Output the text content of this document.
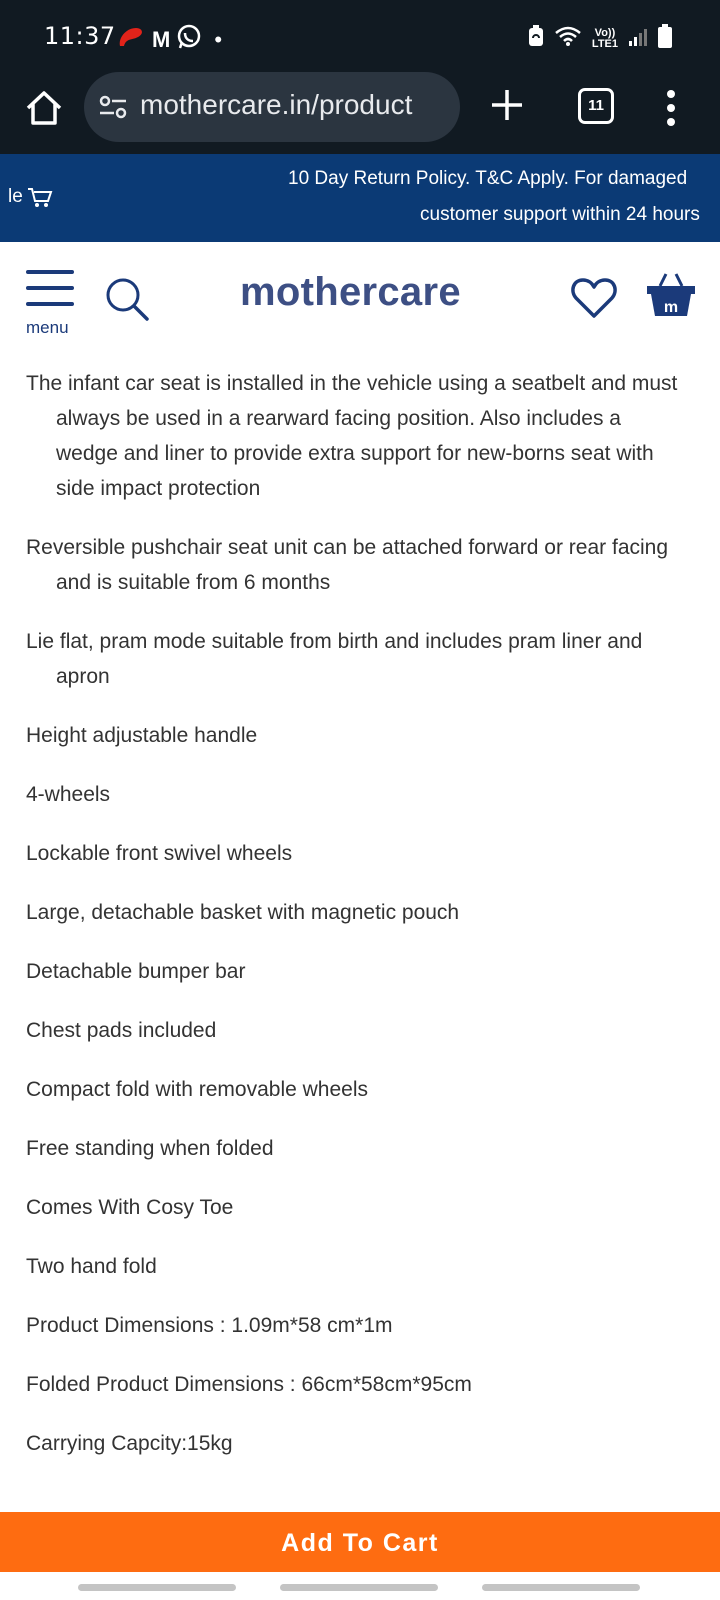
11:37 M •	Vo))
LTE1
mothercare.in/product	11
le
10 Day Return Policy. T&C Apply. For damaged
customer support within 24 hours
menu
mothercare	m
The infant car seat is installed in the vehicle using a seatbelt and must always be used in a rearward facing position. Also includes a wedge and liner to provide extra support for new-borns seat with side impact protection
Reversible pushchair seat unit can be attached forward or rear facing and is suitable from 6 months
Lie flat, pram mode suitable from birth and includes pram liner and apron
Height adjustable handle
4-wheels
Lockable front swivel wheels
Large, detachable basket with magnetic pouch
Detachable bumper bar
Chest pads included
Compact fold with removable wheels
Free standing when folded
Comes With Cosy Toe
Two hand fold
Product Dimensions : 1.09m*58 cm*1m
Folded Product Dimensions : 66cm*58cm*95cm
Carrying Capcity:15kg
Add To Cart
